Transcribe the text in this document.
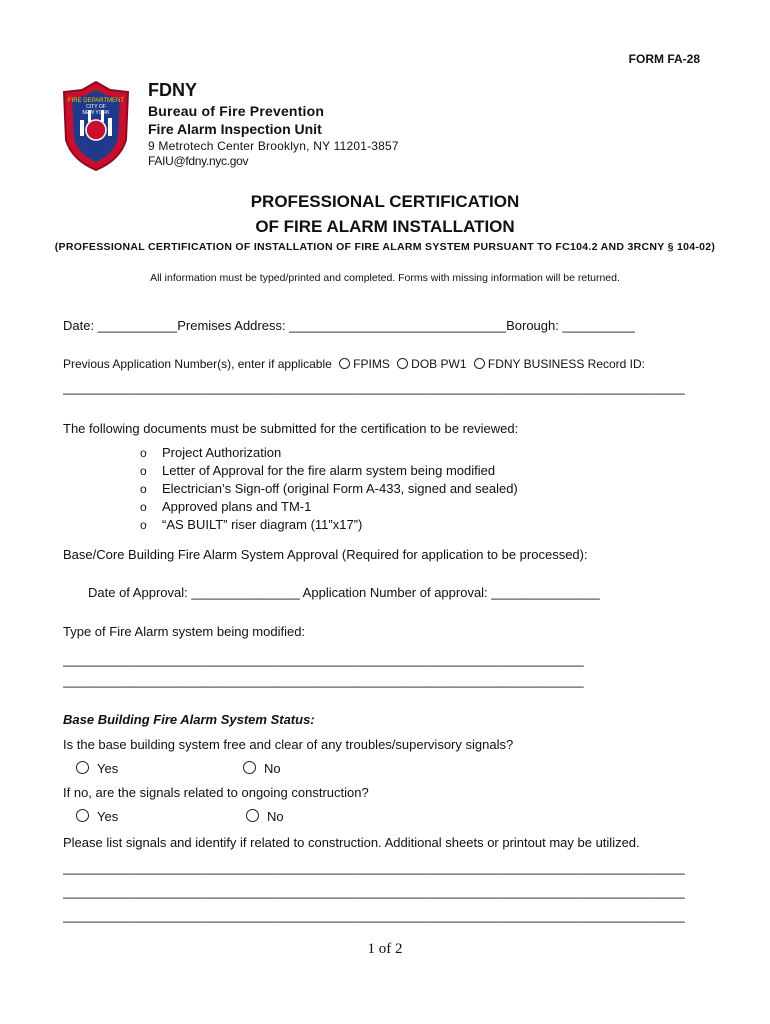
FORM FA-28
FIRE DEPARTMENT
CITY OF
NEW YORK
FDNY
Bureau of Fire Prevention
Fire Alarm Inspection Unit
9 Metrotech Center Brooklyn, NY 11201-3857
FAIU@fdny.nyc.gov
PROFESSIONAL CERTIFICATION
OF FIRE ALARM INSTALLATION
(PROFESSIONAL CERTIFICATION OF INSTALLATION OF FIRE ALARM SYSTEM PURSUANT TO FC104.2 AND 3RCNY § 104-02)
All information must be typed/printed and completed. Forms with missing information will be returned.
Date: ___________Premises Address: ______________________________Borough: __________
Previous Application Number(s), enter if applicable FPIMS DOB PW1 FDNY BUSINESS Record ID:
______________________________________________________________________________________
The following documents must be submitted for the certification to be reviewed:
o Project Authorization
o Letter of Approval for the fire alarm system being modified
o Electrician’s Sign-off (original Form A-433, signed and sealed)
o Approved plans and TM-1
o “AS BUILT” riser diagram (11”x17”)
Base/Core Building Fire Alarm System Approval (Required for application to be processed):
Date of Approval: _______________ Application Number of approval: _______________
Type of Fire Alarm system being modified:
________________________________________________________________________
________________________________________________________________________
Base Building Fire Alarm System Status:
Is the base building system free and clear of any troubles/supervisory signals?
Yes	No
If no, are the signals related to ongoing construction?
Yes	No
Please list signals and identify if related to construction. Additional sheets or printout may be utilized.
______________________________________________________________________________________
______________________________________________________________________________________
______________________________________________________________________________________
1 of 2
